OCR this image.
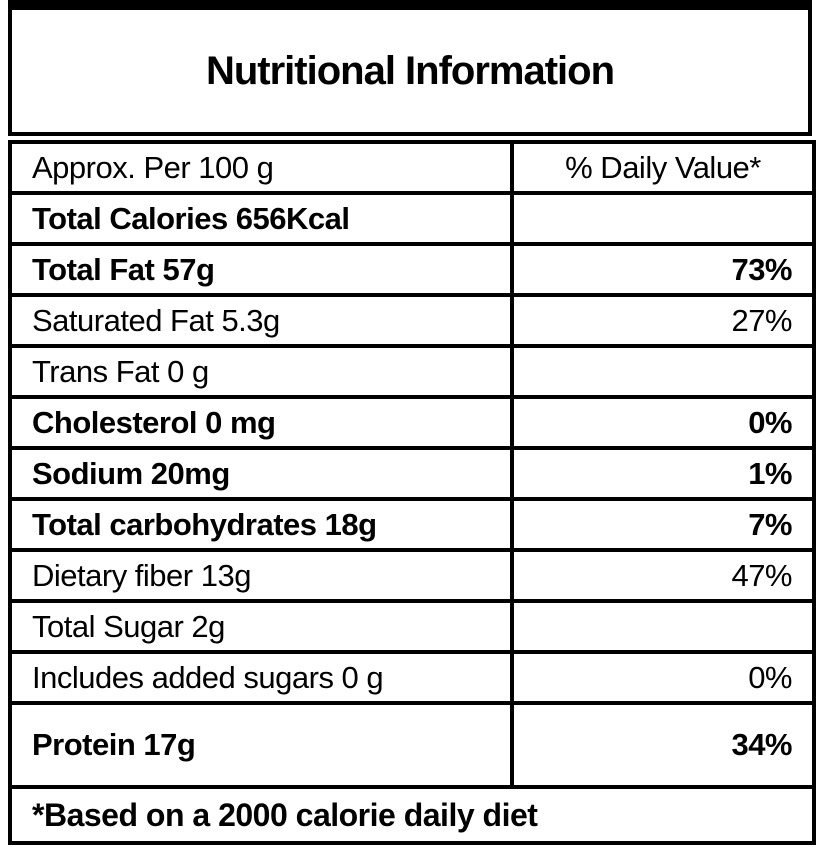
Nutritional Information
Approx. Per 100 g	% Daily Value*
Total Calories 656Kcal	
Total Fat 57g	73%
Saturated Fat 5.3g	27%
Trans Fat 0 g	
Cholesterol 0 mg	0%
Sodium 20mg	1%
Total carbohydrates 18g	7%
Dietary fiber 13g	47%
Total Sugar 2g	
Includes added sugars 0 g	0%
Protein 17g	34%
*Based on a 2000 calorie daily diet	
